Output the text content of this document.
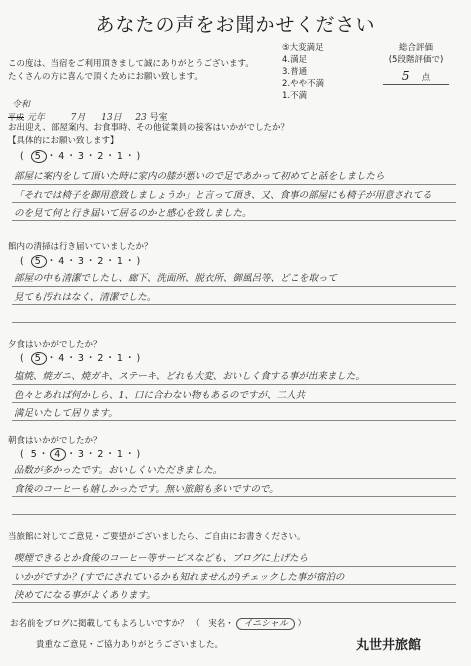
あなたの声をお聞かせください
この度は、当宿をご利用頂きまして誠にありがとうございます。
たくさんの方に喜んで頂くためにお願い致します。
⑤大変満足
4.満足
3.普通
2.やや不満
1.不満
総合評価
(5段階評価で)
5　 点
令和
平成 元年	7月 13日 23 号室
お出迎え、部屋案内、お食事時、その他従業員の接客はいかがでしたか？
【具体的にお願い致します】
( 5 ・4・3・2・1・)
部屋に案内をして頂いた時に家内の膝が悪いので足であかって初めてと話をしましたら
「それでは椅子を御用意致しましょうか」と言って頂き、又、食事の部屋にも椅子が用意されてる
のを見て何と行き届いて居るのかと感心を致しました。
館内の清掃は行き届いていましたか？
( 5 ・4・3・2・1・)
部屋の中も清潔でしたし、廊下、洗面所、脱衣所、御風呂等、どこを取って
見ても汚れはなく、清潔でした。
夕食はいかがでしたか？
( 5 ・4・3・2・1・)
塩焼、焼ガニ、焼ガキ、ステーキ、どれも大変、おいしく食する事が出来ました。
色々とあれば何かしら、1、口に合わない物もあるのですが、二人共
満足いたして居ります。
朝食はいかがでしたか？
( 5・ 4 ・3・2・1・)
品数が多かったです。おいしくいただきました。
食後のコーヒーも嬉しかったです。無い旅館も多いですので。
当旅館に対してご意見・ご要望がございましたら、ご自由にお書きください。
喫煙できるとか食後のコーヒー等サービスなども、ブログに上げたら
いかがですか？(すでにされているかも知れませんが)チェックした事が宿泊の
決めてになる事がよくあります。
お名前をブログに掲載してもよろしいですか？ （　実名・ イニシャル ）
貴重なご意見・ご協力ありがとうございました。	丸世井旅館
